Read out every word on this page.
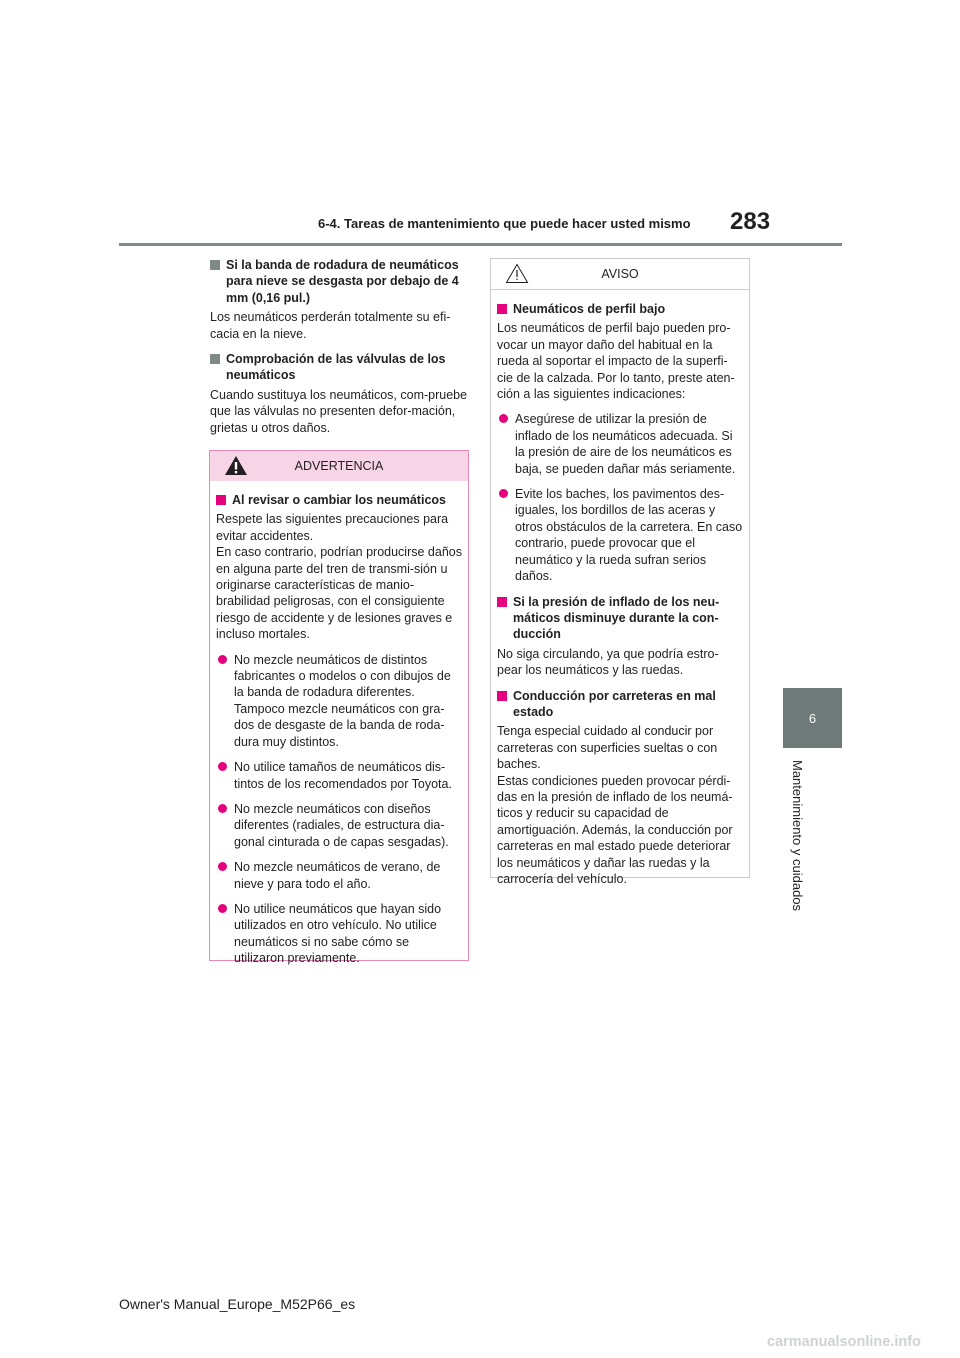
6-4. Tareas de mantenimiento que puede hacer usted mismo	283
6
Mantenimiento y cuidados
Si la banda de rodadura de neumáticos para nieve se desgasta por debajo de 4 mm (0,16 pul.)

Los neumáticos perderán totalmente su efi-cacia en la nieve.

Comprobación de las válvulas de los neumáticos

Cuando sustituya los neumáticos, com-pruebe que las válvulas no presenten defor-mación, grietas u otros daños.

ADVERTENCIA
Al revisar o cambiar los neumáticos

Respete las siguientes precauciones para evitar accidentes.

En caso contrario, podrían producirse daños en alguna parte del tren de transmi-sión u originarse características de manio-brabilidad peligrosas, con el consiguiente riesgo de accidente y de lesiones graves e incluso mortales.

No mezcle neumáticos de distintos fabricantes o modelos o con dibujos de la banda de rodadura diferentes. Tampoco mezcle neumáticos con gra-dos de desgaste de la banda de roda-dura muy distintos.
No utilice tamaños de neumáticos dis-tintos de los recomendados por Toyota.
No mezcle neumáticos con diseños diferentes (radiales, de estructura dia-gonal cinturada o de capas sesgadas).
No mezcle neumáticos de verano, de nieve y para todo el año.
No utilice neumáticos que hayan sido utilizados en otro vehículo. No utilice neumáticos si no sabe cómo se utilizaron previamente.
AVISO
Neumáticos de perfil bajo

Los neumáticos de perfil bajo pueden pro-vocar un mayor daño del habitual en la rueda al soportar el impacto de la superfi-cie de la calzada. Por lo tanto, preste aten-ción a las siguientes indicaciones:

Asegúrese de utilizar la presión de inflado de los neumáticos adecuada. Si la presión de aire de los neumáticos es baja, se pueden dañar más seriamente.
Evite los baches, los pavimentos des-iguales, los bordillos de las aceras y otros obstáculos de la carretera. En caso contrario, puede provocar que el neumático y la rueda sufran serios daños.
Si la presión de inflado de los neu-máticos disminuye durante la con-ducción

No siga circulando, ya que podría estro-pear los neumáticos y las ruedas.

Conducción por carreteras en mal estado

Tenga especial cuidado al conducir por carreteras con superficies sueltas o con baches.

Estas condiciones pueden provocar pérdi-das en la presión de inflado de los neumá-ticos y reducir su capacidad de amortiguación. Además, la conducción por carreteras en mal estado puede deteriorar los neumáticos y dañar las ruedas y la carrocería del vehículo.

Owner's Manual_Europe_M52P66_es
carmanualsonline.info
